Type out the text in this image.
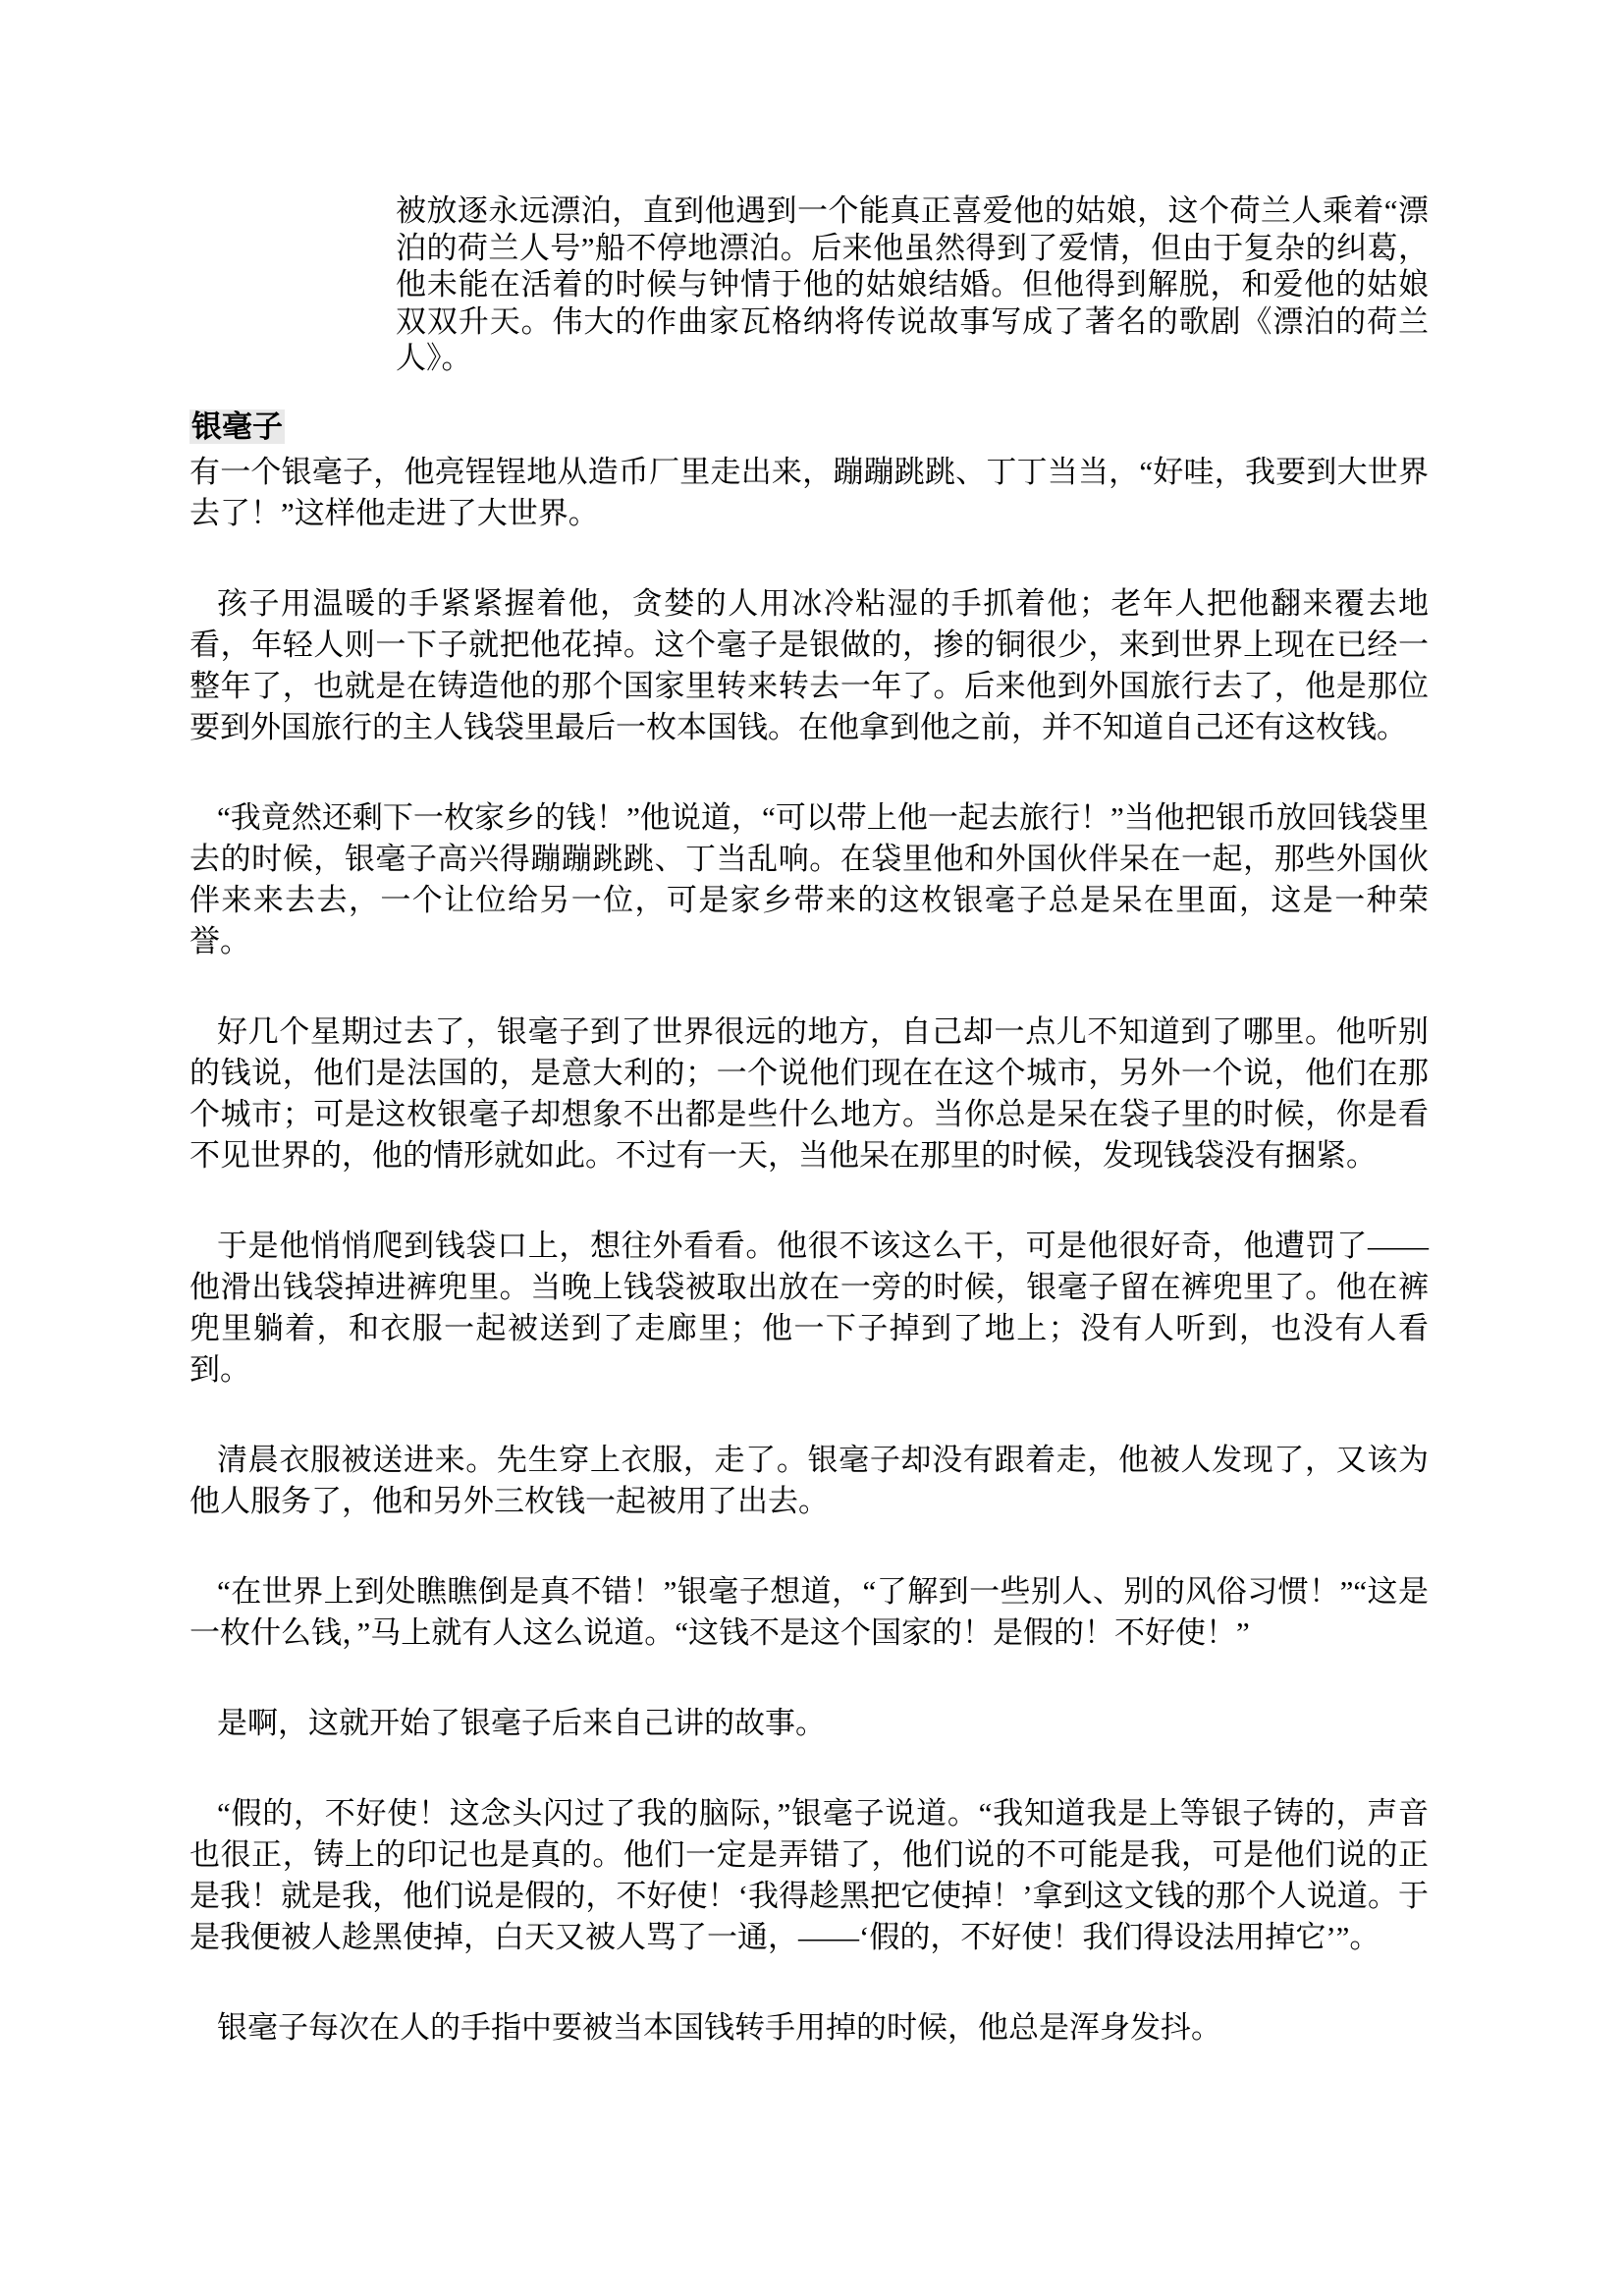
被放逐永远漂泊，直到他遇到一个能真正喜爱他的姑娘，这个荷兰人乘着“漂泊的荷兰人号”船不停地漂泊。后来他虽然得到了爱情，但由于复杂的纠葛，他未能在活着的时候与钟情于他的姑娘结婚。但他得到解脱，和爱他的姑娘双双升天。伟大的作曲家瓦格纳将传说故事写成了著名的歌剧《漂泊的荷兰人》。
银毫子

有一个银毫子，他亮锃锃地从造币厂里走出来，蹦蹦跳跳、丁丁当当，“好哇，我要到大世界去了！”这样他走进了大世界。

孩子用温暖的手紧紧握着他，贪婪的人用冰冷粘湿的手抓着他；老年人把他翻来覆去地看，年轻人则一下子就把他花掉。这个毫子是银做的，掺的铜很少，来到世界上现在已经一整年了，也就是在铸造他的那个国家里转来转去一年了。后来他到外国旅行去了，他是那位要到外国旅行的主人钱袋里最后一枚本国钱。在他拿到他之前，并不知道自己还有这枚钱。

“我竟然还剩下一枚家乡的钱！”他说道，“可以带上他一起去旅行！”当他把银币放回钱袋里去的时候，银毫子高兴得蹦蹦跳跳、丁当乱响。在袋里他和外国伙伴呆在一起，那些外国伙伴来来去去，一个让位给另一位，可是家乡带来的这枚银毫子总是呆在里面，这是一种荣誉。

好几个星期过去了，银毫子到了世界很远的地方，自己却一点儿不知道到了哪里。他听别的钱说，他们是法国的，是意大利的；一个说他们现在在这个城市，另外一个说，他们在那个城市；可是这枚银毫子却想象不出都是些什么地方。当你总是呆在袋子里的时候，你是看不见世界的，他的情形就如此。不过有一天，当他呆在那里的时候，发现钱袋没有捆紧。

于是他悄悄爬到钱袋口上，想往外看看。他很不该这么干，可是他很好奇，他遭罚了——他滑出钱袋掉进裤兜里。当晚上钱袋被取出放在一旁的时候，银毫子留在裤兜里了。他在裤兜里躺着，和衣服一起被送到了走廊里；他一下子掉到了地上；没有人听到，也没有人看到。

清晨衣服被送进来。先生穿上衣服，走了。银毫子却没有跟着走，他被人发现了，又该为他人服务了，他和另外三枚钱一起被用了出去。

“在世界上到处瞧瞧倒是真不错！”银毫子想道，“了解到一些别人、别的风俗习惯！”“这是一枚什么钱，”马上就有人这么说道。“这钱不是这个国家的！是假的！不好使！”

是啊，这就开始了银毫子后来自己讲的故事。

“假的，不好使！这念头闪过了我的脑际，”银毫子说道。“我知道我是上等银子铸的，声音也很正，铸上的印记也是真的。他们一定是弄错了，他们说的不可能是我，可是他们说的正是我！就是我，他们说是假的，不好使！‘我得趁黑把它使掉！’拿到这文钱的那个人说道。于是我便被人趁黑使掉，白天又被人骂了一通，——‘假的，不好使！我们得设法用掉它’”。

银毫子每次在人的手指中要被当本国钱转手用掉的时候，他总是浑身发抖。
